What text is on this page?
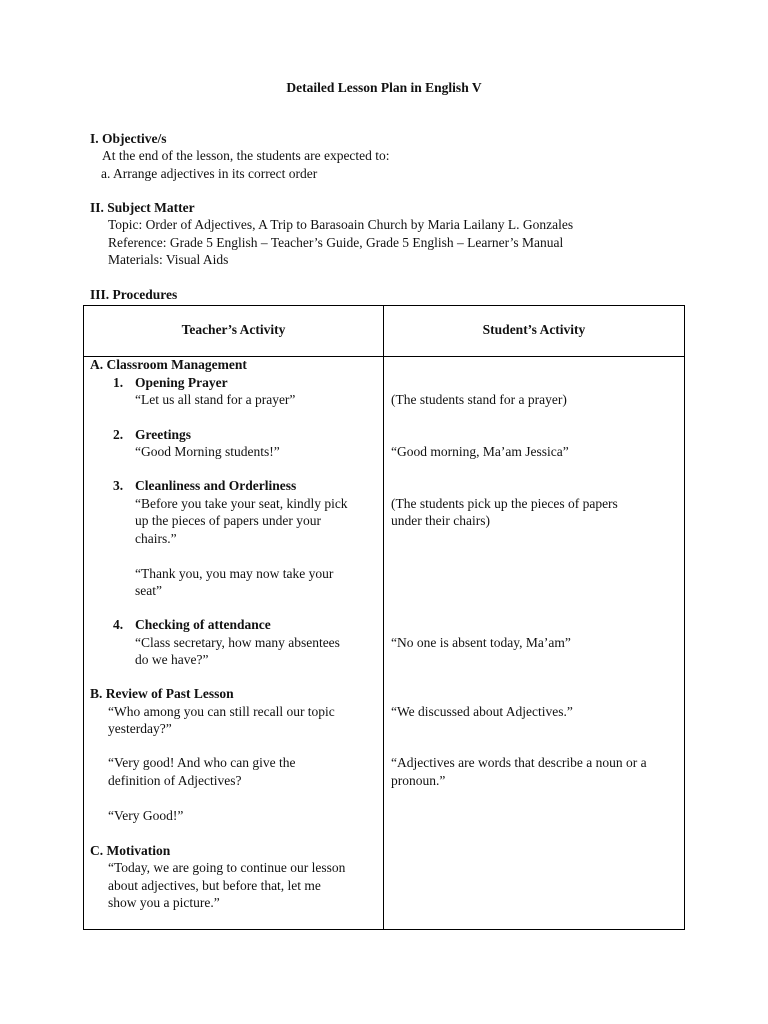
Detailed Lesson Plan in English V
I. Objective/s
At the end of the lesson, the students are expected to:
a. Arrange adjectives in its correct order
II. Subject Matter
Topic: Order of Adjectives, A Trip to Barasoain Church by Maria Lailany L. Gonzales
Reference: Grade 5 English – Teacher’s Guide, Grade 5 English – Learner’s Manual
Materials: Visual Aids
III. Procedures
Teacher’s Activity	Student’s Activity
A. Classroom Management
1. Opening Prayer
“Let us all stand for a prayer”
2. Greetings
“Good Morning students!”
3. Cleanliness and Orderliness
“Before you take your seat, kindly pick
up the pieces of papers under your
chairs.”
“Thank you, you may now take your
seat”
4. Checking of attendance
“Class secretary, how many absentees
do we have?”
B. Review of Past Lesson
“Who among you can still recall our topic
yesterday?”
“Very good! And who can give the
definition of Adjectives?
“Very Good!”
C. Motivation
“Today, we are going to continue our lesson
about adjectives, but before that, let me
show you a picture.”
(The students stand for a prayer)
“Good morning, Ma’am Jessica”
(The students pick up the pieces of papers
under their chairs)
“No one is absent today, Ma’am”
“We discussed about Adjectives.”
“Adjectives are words that describe a noun or a
pronoun.”
